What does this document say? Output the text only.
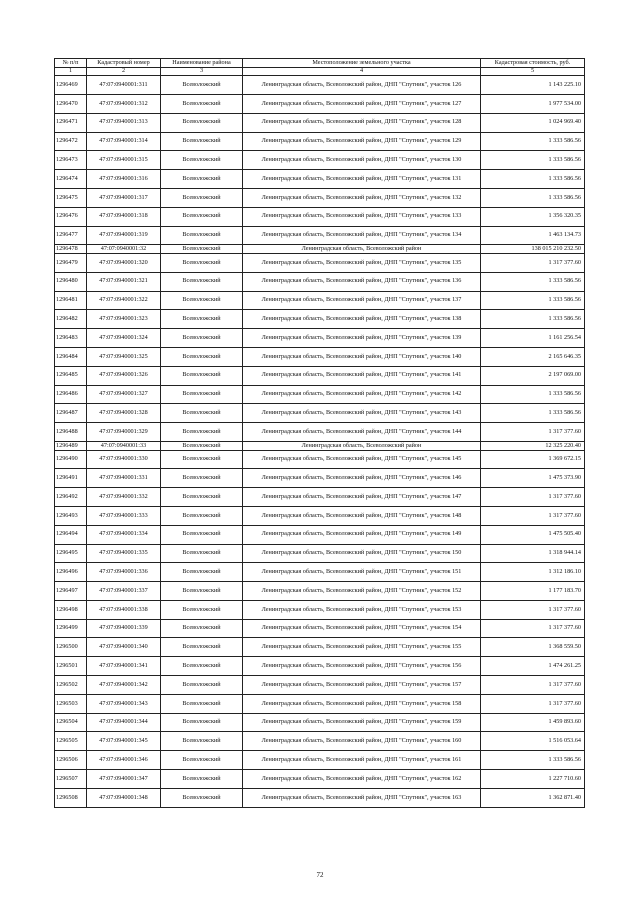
№ п/п	Кадастровый номер	Наименование района	Местоположение земельного участка	Кадастровая стоимость, руб.
1	2	3	4	5
1296469	47:07:0940001:311	Всеволожский	Ленинградская область, Всеволожский район, ДНП "Спутник", участок 126	1 143 225.10
1296470	47:07:0940001:312	Всеволожский	Ленинградская область, Всеволожский район, ДНП "Спутник", участок 127	1 977 534.00
1296471	47:07:0940001:313	Всеволожский	Ленинградская область, Всеволожский район, ДНП "Спутник", участок 128	1 024 969.40
1296472	47:07:0940001:314	Всеволожский	Ленинградская область, Всеволожский район, ДНП "Спутник", участок 129	1 333 586.56
1296473	47:07:0940001:315	Всеволожский	Ленинградская область, Всеволожский район, ДНП "Спутник", участок 130	1 333 586.56
1296474	47:07:0940001:316	Всеволожский	Ленинградская область, Всеволожский район, ДНП "Спутник", участок 131	1 333 586.56
1296475	47:07:0940001:317	Всеволожский	Ленинградская область, Всеволожский район, ДНП "Спутник", участок 132	1 333 586.56
1296476	47:07:0940001:318	Всеволожский	Ленинградская область, Всеволожский район, ДНП "Спутник", участок 133	1 356 320.35
1296477	47:07:0940001:319	Всеволожский	Ленинградская область, Всеволожский район, ДНП "Спутник", участок 134	1 463 134.73
1296478	47:07:0940001:32	Всеволожский	Ленинградская область, Всеволожский район	138 015 210 232.50
1296479	47:07:0940001:320	Всеволожский	Ленинградская область, Всеволожский район, ДНП "Спутник", участок 135	1 317 377.60
1296480	47:07:0940001:321	Всеволожский	Ленинградская область, Всеволожский район, ДНП "Спутник", участок 136	1 333 586.56
1296481	47:07:0940001:322	Всеволожский	Ленинградская область, Всеволожский район, ДНП "Спутник", участок 137	1 333 586.56
1296482	47:07:0940001:323	Всеволожский	Ленинградская область, Всеволожский район, ДНП "Спутник", участок 138	1 333 586.56
1296483	47:07:0940001:324	Всеволожский	Ленинградская область, Всеволожский район, ДНП "Спутник", участок 139	1 161 256.54
1296484	47:07:0940001:325	Всеволожский	Ленинградская область, Всеволожский район, ДНП "Спутник", участок 140	2 165 646.35
1296485	47:07:0940001:326	Всеволожский	Ленинградская область, Всеволожский район, ДНП "Спутник", участок 141	2 197 069.00
1296486	47:07:0940001:327	Всеволожский	Ленинградская область, Всеволожский район, ДНП "Спутник", участок 142	1 333 586.56
1296487	47:07:0940001:328	Всеволожский	Ленинградская область, Всеволожский район, ДНП "Спутник", участок 143	1 333 586.56
1296488	47:07:0940001:329	Всеволожский	Ленинградская область, Всеволожский район, ДНП "Спутник", участок 144	1 317 377.60
1296489	47:07:0940001:33	Всеволожский	Ленинградская область, Всеволожский район	12 325 220.40
1296490	47:07:0940001:330	Всеволожский	Ленинградская область, Всеволожский район, ДНП "Спутник", участок 145	1 369 672.15
1296491	47:07:0940001:331	Всеволожский	Ленинградская область, Всеволожский район, ДНП "Спутник", участок 146	1 475 373.90
1296492	47:07:0940001:332	Всеволожский	Ленинградская область, Всеволожский район, ДНП "Спутник", участок 147	1 317 377.60
1296493	47:07:0940001:333	Всеволожский	Ленинградская область, Всеволожский район, ДНП "Спутник", участок 148	1 317 377.60
1296494	47:07:0940001:334	Всеволожский	Ленинградская область, Всеволожский район, ДНП "Спутник", участок 149	1 475 505.40
1296495	47:07:0940001:335	Всеволожский	Ленинградская область, Всеволожский район, ДНП "Спутник", участок 150	1 318 944.14
1296496	47:07:0940001:336	Всеволожский	Ленинградская область, Всеволожский район, ДНП "Спутник", участок 151	1 312 186.10
1296497	47:07:0940001:337	Всеволожский	Ленинградская область, Всеволожский район, ДНП "Спутник", участок 152	1 177 183.70
1296498	47:07:0940001:338	Всеволожский	Ленинградская область, Всеволожский район, ДНП "Спутник", участок 153	1 317 377.60
1296499	47:07:0940001:339	Всеволожский	Ленинградская область, Всеволожский район, ДНП "Спутник", участок 154	1 317 377.60
1296500	47:07:0940001:340	Всеволожский	Ленинградская область, Всеволожский район, ДНП "Спутник", участок 155	1 368 559.50
1296501	47:07:0940001:341	Всеволожский	Ленинградская область, Всеволожский район, ДНП "Спутник", участок 156	1 474 261.25
1296502	47:07:0940001:342	Всеволожский	Ленинградская область, Всеволожский район, ДНП "Спутник", участок 157	1 317 377.60
1296503	47:07:0940001:343	Всеволожский	Ленинградская область, Всеволожский район, ДНП "Спутник", участок 158	1 317 377.60
1296504	47:07:0940001:344	Всеволожский	Ленинградская область, Всеволожский район, ДНП "Спутник", участок 159	1 459 893.60
1296505	47:07:0940001:345	Всеволожский	Ленинградская область, Всеволожский район, ДНП "Спутник", участок 160	1 516 053.64
1296506	47:07:0940001:346	Всеволожский	Ленинградская область, Всеволожский район, ДНП "Спутник", участок 161	1 333 586.56
1296507	47:07:0940001:347	Всеволожский	Ленинградская область, Всеволожский район, ДНП "Спутник", участок 162	1 227 710.60
1296508	47:07:0940001:348	Всеволожский	Ленинградская область, Всеволожский район, ДНП "Спутник", участок 163	1 362 871.40
72
